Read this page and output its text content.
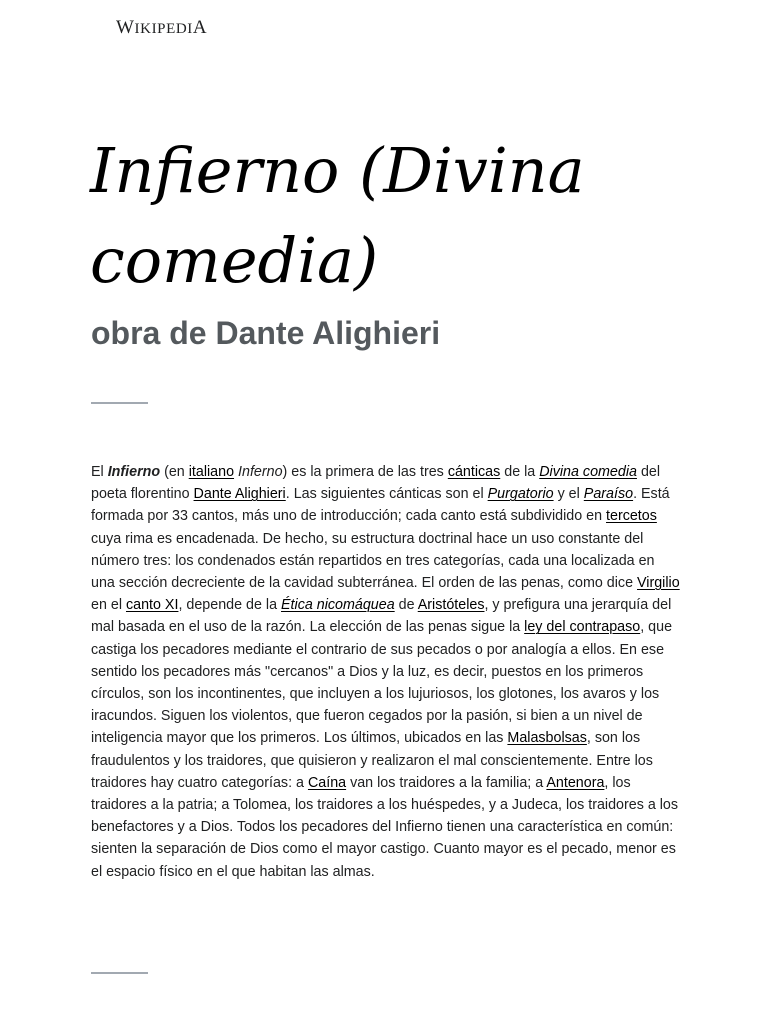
WIKIPEDIA
Infierno (Divina comedia)
obra de Dante Alighieri

El Infierno (en italiano Inferno) es la primera de las tres cánticas de la Divina comedia del poeta florentino Dante Alighieri. Las siguientes cánticas son el Purgatorio y el Paraíso. Está formada por 33 cantos, más uno de introducción; cada canto está subdividido en tercetos cuya rima es encadenada. De hecho, su estructura doctrinal hace un uso constante del número tres: los condenados están repartidos en tres categorías, cada una localizada en una sección decreciente de la cavidad subterránea. El orden de las penas, como dice Virgilio en el canto XI, depende de la Ética nicomáquea de Aristóteles, y prefigura una jerarquía del mal basada en el uso de la razón. La elección de las penas sigue la ley del contrapaso, que castiga los pecadores mediante el contrario de sus pecados o por analogía a ellos. En ese sentido los pecadores más "cercanos" a Dios y la luz, es decir, puestos en los primeros círculos, son los incontinentes, que incluyen a los lujuriosos, los glotones, los avaros y los iracundos. Siguen los violentos, que fueron cegados por la pasión, si bien a un nivel de inteligencia mayor que los primeros. Los últimos, ubicados en las Malasbolsas, son los fraudulentos y los traidores, que quisieron y realizaron el mal conscientemente. Entre los traidores hay cuatro categorías: a Caína van los traidores a la familia; a Antenora, los traidores a la patria; a Tolomea, los traidores a los huéspedes, y a Judeca, los traidores a los benefactores y a Dios. Todos los pecadores del Infierno tienen una característica en común: sienten la separación de Dios como el mayor castigo. Cuanto mayor es el pecado, menor es el espacio físico en el que habitan las almas.
